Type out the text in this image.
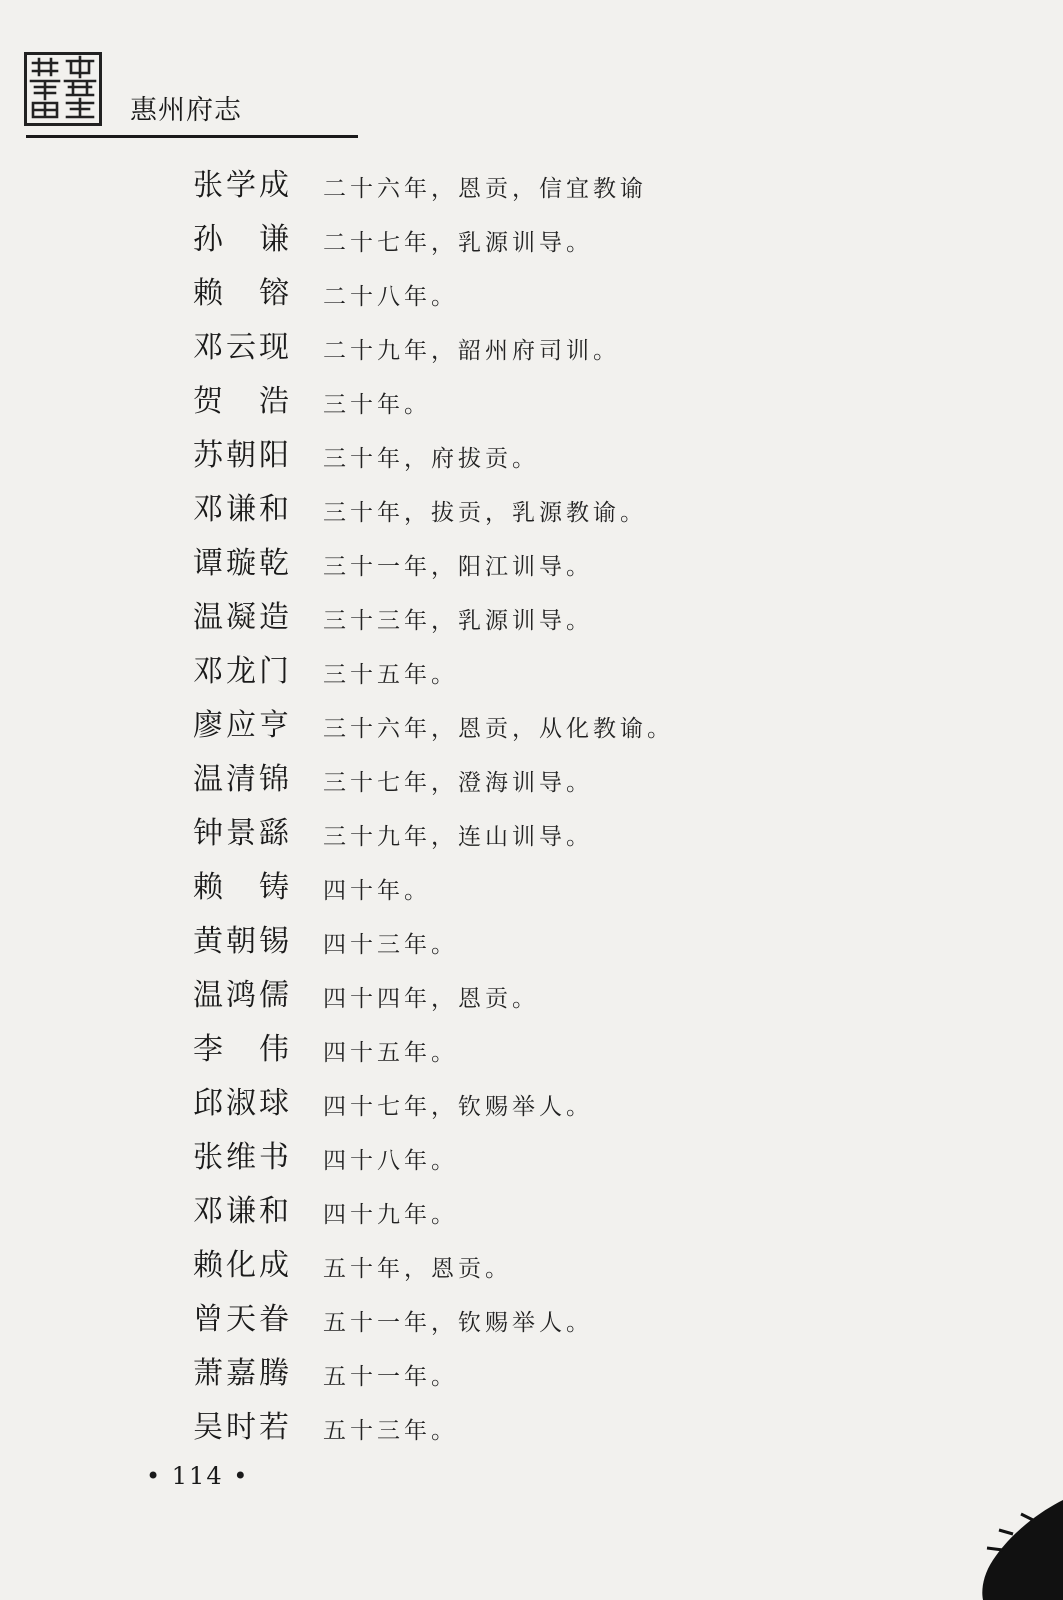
惠州府志
张学成 二十六年，恩贡，信宜教谕
孙　谦 二十七年，乳源训导。
赖　镕 二十八年。
邓云现 二十九年，韶州府司训。
贺　浩 三十年。
苏朝阳 三十年，府拔贡。
邓谦和 三十年，拔贡，乳源教谕。
谭璇乾 三十一年，阳江训导。
温凝造 三十三年，乳源训导。
邓龙门 三十五年。
廖应亨 三十六年，恩贡，从化教谕。
温清锦 三十七年，澄海训导。
钟景繇 三十九年，连山训导。
赖　铸 四十年。
黄朝锡 四十三年。
温鸿儒 四十四年，恩贡。
李　伟 四十五年。
邱淑球 四十七年，钦赐举人。
张维书 四十八年。
邓谦和 四十九年。
赖化成 五十年，恩贡。
曾天眷 五十一年，钦赐举人。
萧嘉腾 五十一年。
吴时若 五十三年。
• 114 •
